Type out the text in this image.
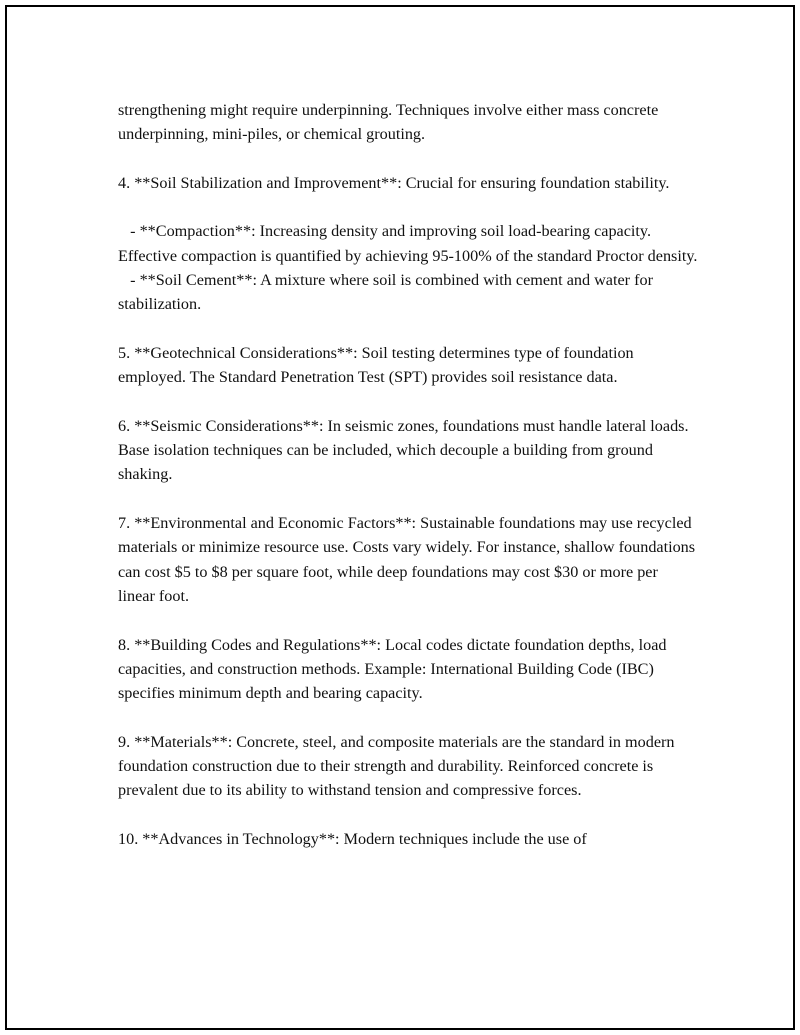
strengthening might require underpinning. Techniques involve either mass concrete underpinning, mini-piles, or chemical grouting.

4. **Soil Stabilization and Improvement**: Crucial for ensuring foundation stability.

- **Compaction**: Increasing density and improving soil load-bearing capacity. Effective compaction is quantified by achieving 95-100% of the standard Proctor density.
- **Soil Cement**: A mixture where soil is combined with cement and water for stabilization.

5. **Geotechnical Considerations**: Soil testing determines type of foundation employed. The Standard Penetration Test (SPT) provides soil resistance data.

6. **Seismic Considerations**: In seismic zones, foundations must handle lateral loads. Base isolation techniques can be included, which decouple a building from ground shaking.

7. **Environmental and Economic Factors**: Sustainable foundations may use recycled materials or minimize resource use. Costs vary widely. For instance, shallow foundations can cost $5 to $8 per square foot, while deep foundations may cost $30 or more per linear foot.

8. **Building Codes and Regulations**: Local codes dictate foundation depths, load capacities, and construction methods. Example: International Building Code (IBC) specifies minimum depth and bearing capacity.

9. **Materials**: Concrete, steel, and composite materials are the standard in modern foundation construction due to their strength and durability. Reinforced concrete is prevalent due to its ability to withstand tension and compressive forces.

10. **Advances in Technology**: Modern techniques include the use of
